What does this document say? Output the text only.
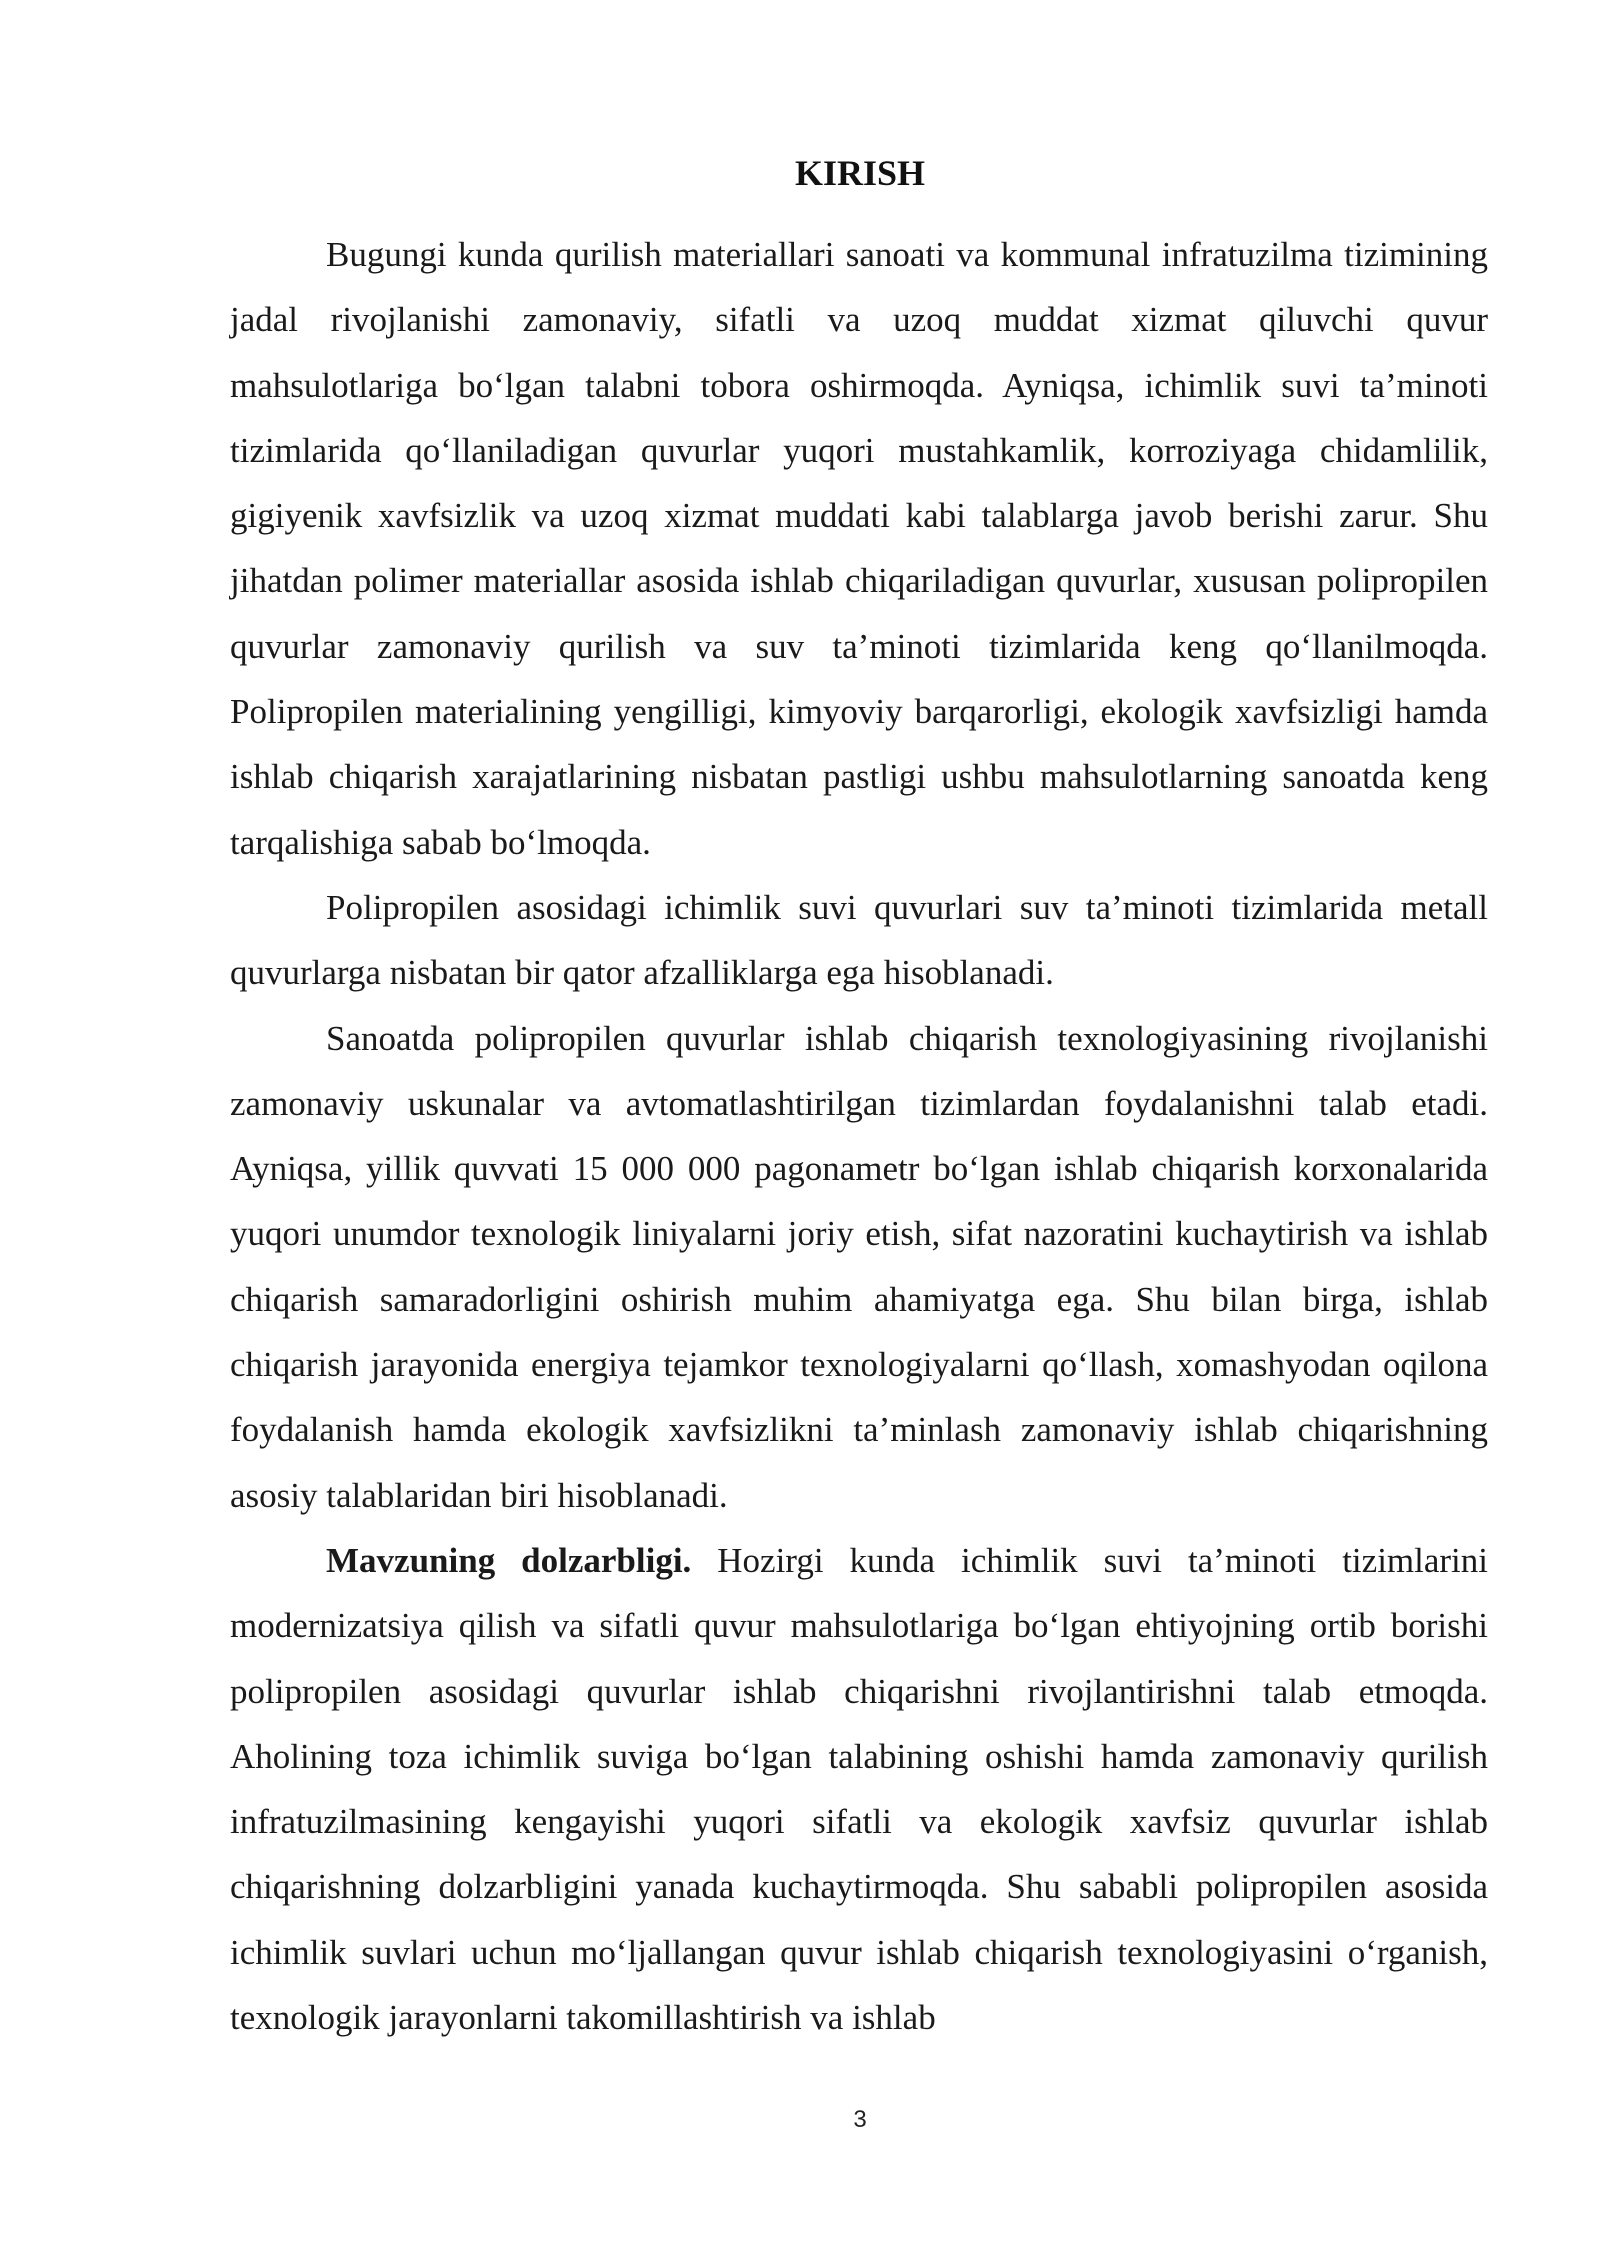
KIRISH

Bugungi kunda qurilish materiallari sanoati va kommunal infratuzilma tizimining jadal rivojlanishi zamonaviy, sifatli va uzoq muddat xizmat qiluvchi quvur mahsulotlariga bo‘lgan talabni tobora oshirmoqda. Ayniqsa, ichimlik suvi ta’minoti tizimlarida qo‘llaniladigan quvurlar yuqori mustahkamlik, korroziyaga chidamlilik, gigiyenik xavfsizlik va uzoq xizmat muddati kabi talablarga javob berishi zarur. Shu jihatdan polimer materiallar asosida ishlab chiqariladigan quvurlar, xususan polipropilen quvurlar zamonaviy qurilish va suv ta’minoti tizimlarida keng qo‘llanilmoqda. Polipropilen materialining yengilligi, kimyoviy barqarorligi, ekologik xavfsizligi hamda ishlab chiqarish xarajatlarining nisbatan pastligi ushbu mahsulotlarning sanoatda keng tarqalishiga sabab bo‘lmoqda.

Polipropilen asosidagi ichimlik suvi quvurlari suv ta’minoti tizimlarida metall quvurlarga nisbatan bir qator afzalliklarga ega hisoblanadi.

Sanoatda polipropilen quvurlar ishlab chiqarish texnologiyasining rivojlanishi zamonaviy uskunalar va avtomatlashtirilgan tizimlardan foydalanishni talab etadi. Ayniqsa, yillik quvvati 15 000 000 pagonametr bo‘lgan ishlab chiqarish korxonalarida yuqori unumdor texnologik liniyalarni joriy etish, sifat nazoratini kuchaytirish va ishlab chiqarish samaradorligini oshirish muhim ahamiyatga ega. Shu bilan birga, ishlab chiqarish jarayonida energiya tejamkor texnologiyalarni qo‘llash, xomashyodan oqilona foydalanish hamda ekologik xavfsizlikni ta’minlash zamonaviy ishlab chiqarishning asosiy talablaridan biri hisoblanadi.

Mavzuning dolzarbligi. Hozirgi kunda ichimlik suvi ta’minoti tizimlarini modernizatsiya qilish va sifatli quvur mahsulotlariga bo‘lgan ehtiyojning ortib borishi polipropilen asosidagi quvurlar ishlab chiqarishni rivojlantirishni talab etmoqda. Aholining toza ichimlik suviga bo‘lgan talabining oshishi hamda zamonaviy qurilish infratuzilmasining kengayishi yuqori sifatli va ekologik xavfsiz quvurlar ishlab chiqarishning dolzarbligini yanada kuchaytirmoqda. Shu sababli polipropilen asosida ichimlik suvlari uchun mo‘ljallangan quvur ishlab chiqarish texnologiyasini o‘rganish, texnologik jarayonlarni takomillashtirish va ishlab

3
